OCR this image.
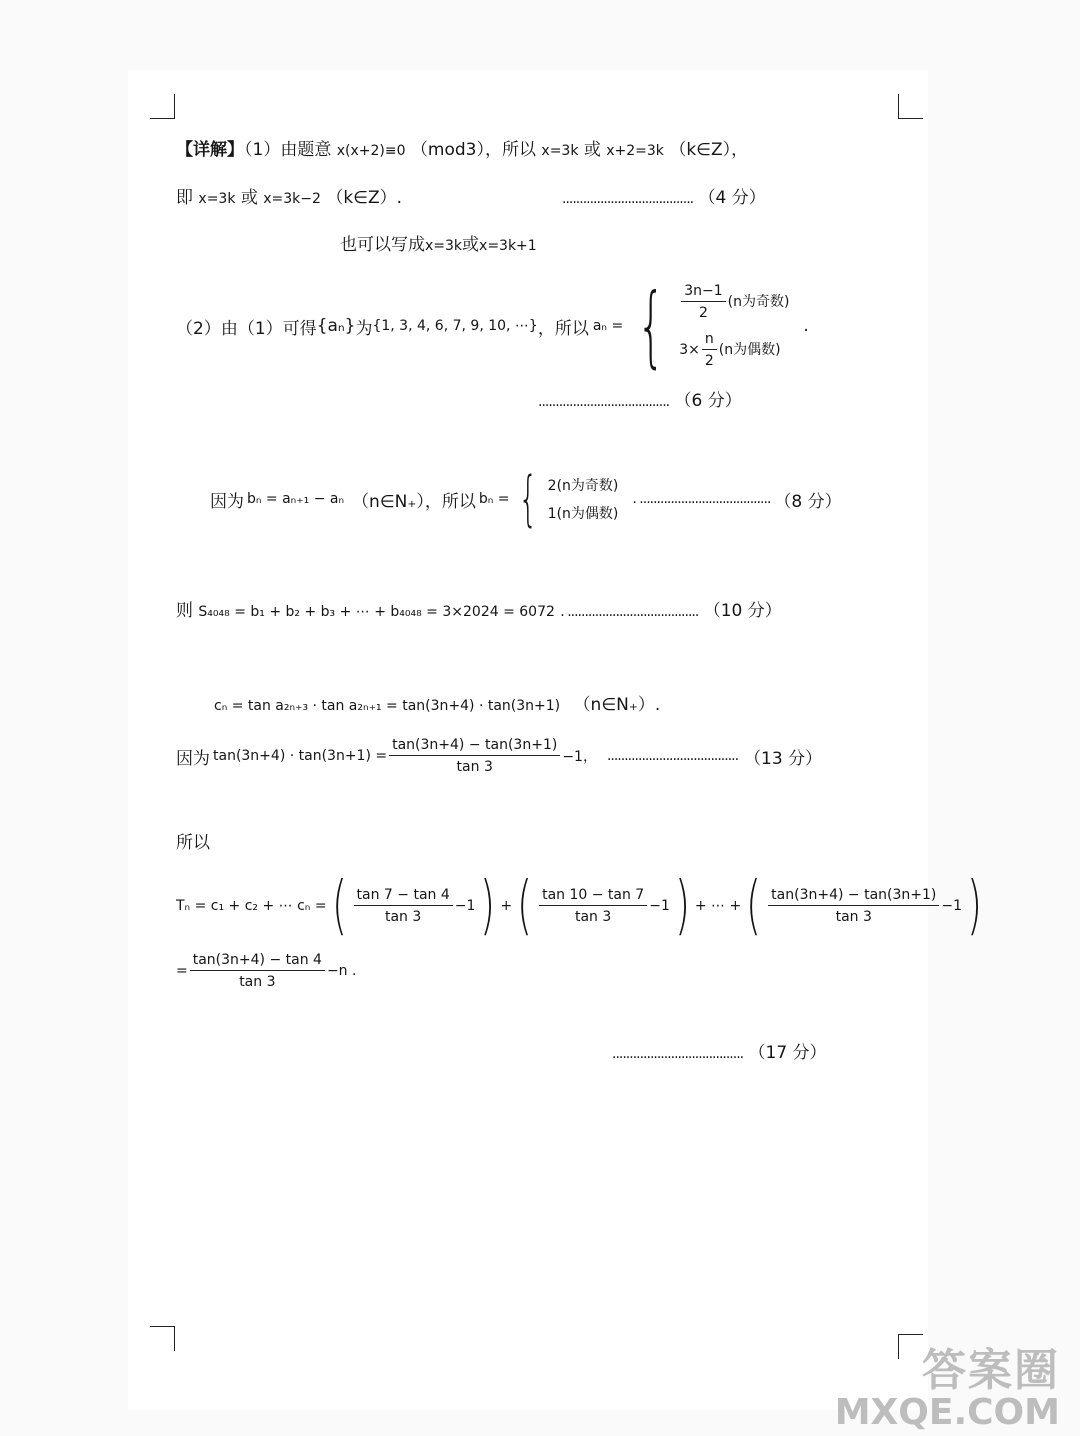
【详解】（1）由题意 x(x+2)≡0 （mod3），所以 x=3k 或 x+2=3k （k∈Z），
即 x=3k 或 x=3k−2 （k∈Z）.	...................................... （4 分）
也可以写成x=3k或x=3k+1
（2）由（1）可得 {aₙ} 为 {1, 3, 4, 6, 7, 9, 10, ⋯} ，所以 aₙ = { $\frac{3n-1}{2} (n$为奇数)
$3\times \frac{n}{2} (n$为偶数)
.
...................................... （6 分）
因为 bₙ = aₙ₊₁ − aₙ （n∈N₊），所以 bₙ = { 2(n为奇数)
1(n为偶数)
. ...................................... （8 分）
则 S₄₀₄₈ = b₁ + b₂ + b₃ + ⋯ + b₄₀₄₈ = 3×2024 = 6072 . ...................................... （10 分）
cₙ = tan a₂ₙ₊₃ · tan a₂ₙ₊₁ = tan(3n+4) · tan(3n+1) （n∈N₊）.
因为 $\tan(3n+4) \cdot \tan(3n+1) = \frac{\tan(3n+4) - \tan(3n+1)}{\tan 3} -1$， ...................................... （13 分）
所以
Tₙ = c₁ + c₂ + ⋯ cₙ = ( $\frac{\tan 7 - \tan 4}{\tan 3} -1$ ) + ( $\frac{\tan 10 - \tan 7}{\tan 3} -1$ ) + ⋯ + ( $\frac{\tan(3n+4) - \tan(3n+1)}{\tan 3} -1$ )
= $\frac{\tan(3n+4) - \tan 4}{\tan 3} -n$ .
...................................... （17 分）
答案圈
MXQE.COM
